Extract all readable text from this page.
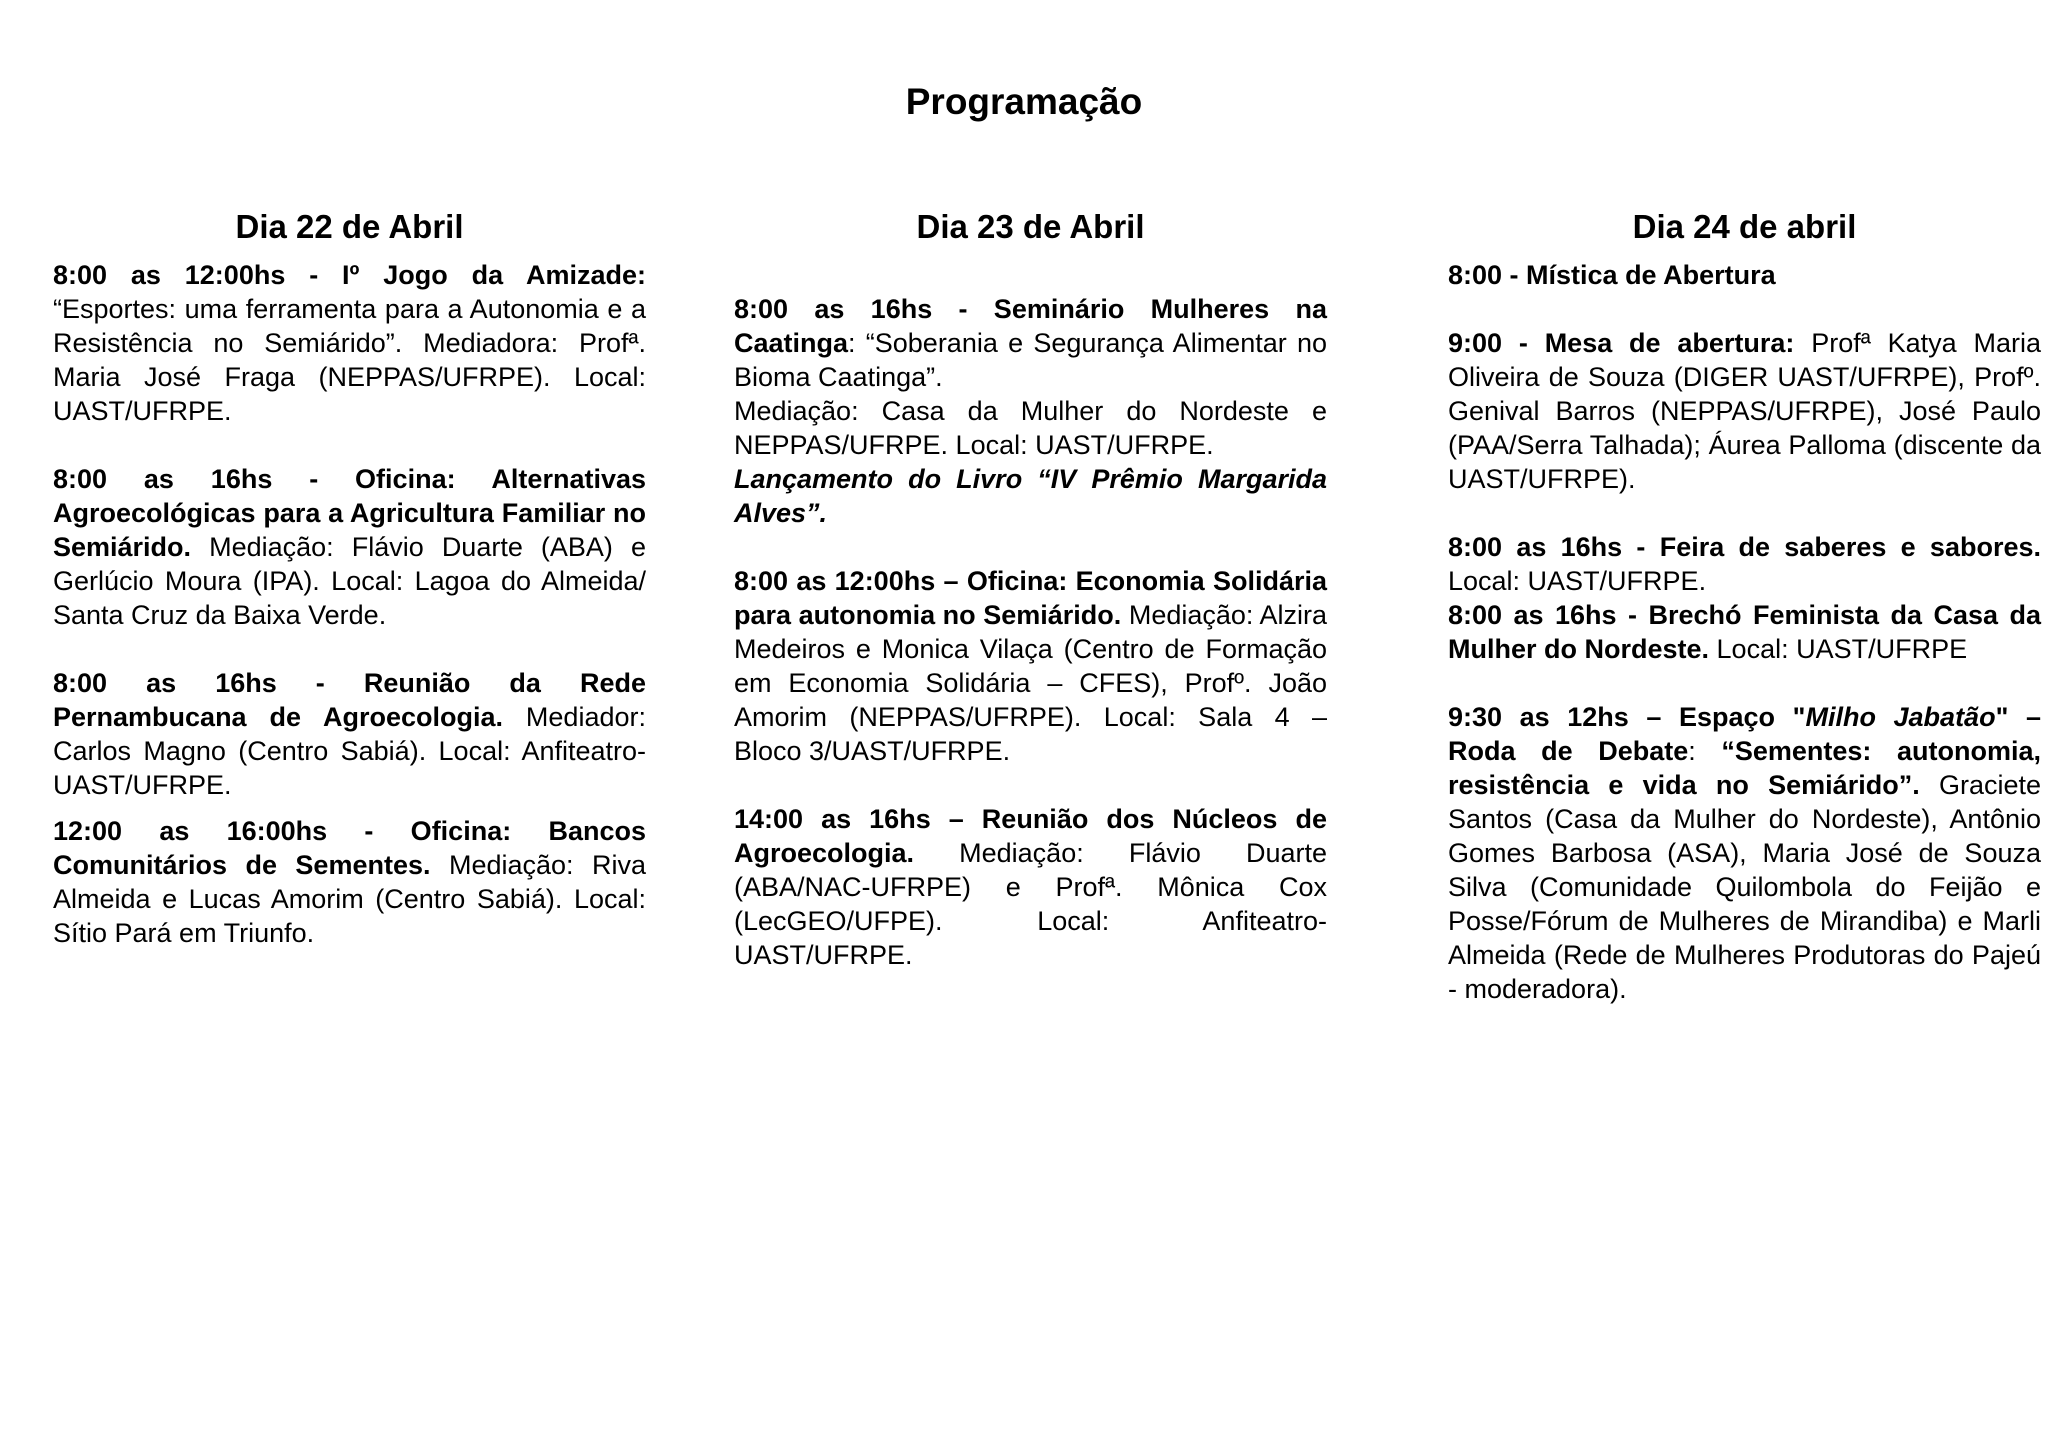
Programação
Dia 22 de Abril

8:00 as 12:00hs - Iº Jogo da Amizade: “Esportes: uma ferramenta para a Autonomia e a Resistência no Semiárido”. Mediadora: Profª. Maria José Fraga (NEPPAS/UFRPE). Local: UAST/UFRPE.

8:00 as 16hs - Oficina: Alternativas Agroecológicas para a Agricultura Familiar no Semiárido. Mediação: Flávio Duarte (ABA) e Gerlúcio Moura (IPA). Local: Lagoa do Almeida/ Santa Cruz da Baixa Verde.

8:00 as 16hs - Reunião da Rede Pernambucana de Agroecologia. Mediador: Carlos Magno (Centro Sabiá). Local: Anfiteatro- UAST/UFRPE.

12:00 as 16:00hs - Oficina: Bancos Comunitários de Sementes. Mediação: Riva Almeida e Lucas Amorim (Centro Sabiá). Local: Sítio Pará em Triunfo.

Dia 23 de Abril

8:00 as 16hs - Seminário Mulheres na Caatinga: “Soberania e Segurança Alimentar no Bioma Caatinga”.
Mediação: Casa da Mulher do Nordeste e NEPPAS/UFRPE. Local: UAST/UFRPE.
Lançamento do Livro “IV Prêmio Margarida Alves”.

8:00 as 12:00hs – Oficina: Economia Solidária para autonomia no Semiárido. Mediação: Alzira Medeiros e Monica Vilaça (Centro de Formação em Economia Solidária – CFES), Profº. João Amorim (NEPPAS/UFRPE). Local: Sala 4 – Bloco 3/UAST/UFRPE.

14:00 as 16hs – Reunião dos Núcleos de Agroecologia. Mediação: Flávio Duarte (ABA/NAC-UFRPE) e Profª. Mônica Cox (LecGEO/UFPE). Local: Anfiteatro-UAST/UFRPE.

Dia 24 de abril

8:00 - Mística de Abertura

9:00 - Mesa de abertura: Profª Katya Maria Oliveira de Souza (DIGER UAST/UFRPE), Profº. Genival Barros (NEPPAS/UFRPE), José Paulo (PAA/Serra Talhada); Áurea Palloma (discente da UAST/UFRPE).

8:00 as 16hs - Feira de saberes e sabores. Local: UAST/UFRPE.
8:00 as 16hs - Brechó Feminista da Casa da Mulher do Nordeste. Local: UAST/UFRPE

9:30 as 12hs – Espaço "Milho Jabatão" – Roda de Debate: “Sementes: autonomia, resistência e vida no Semiárido”. Graciete Santos (Casa da Mulher do Nordeste), Antônio Gomes Barbosa (ASA), Maria José de Souza Silva (Comunidade Quilombola do Feijão e Posse/Fórum de Mulheres de Mirandiba) e Marli Almeida (Rede de Mulheres Produtoras do Pajeú - moderadora).
